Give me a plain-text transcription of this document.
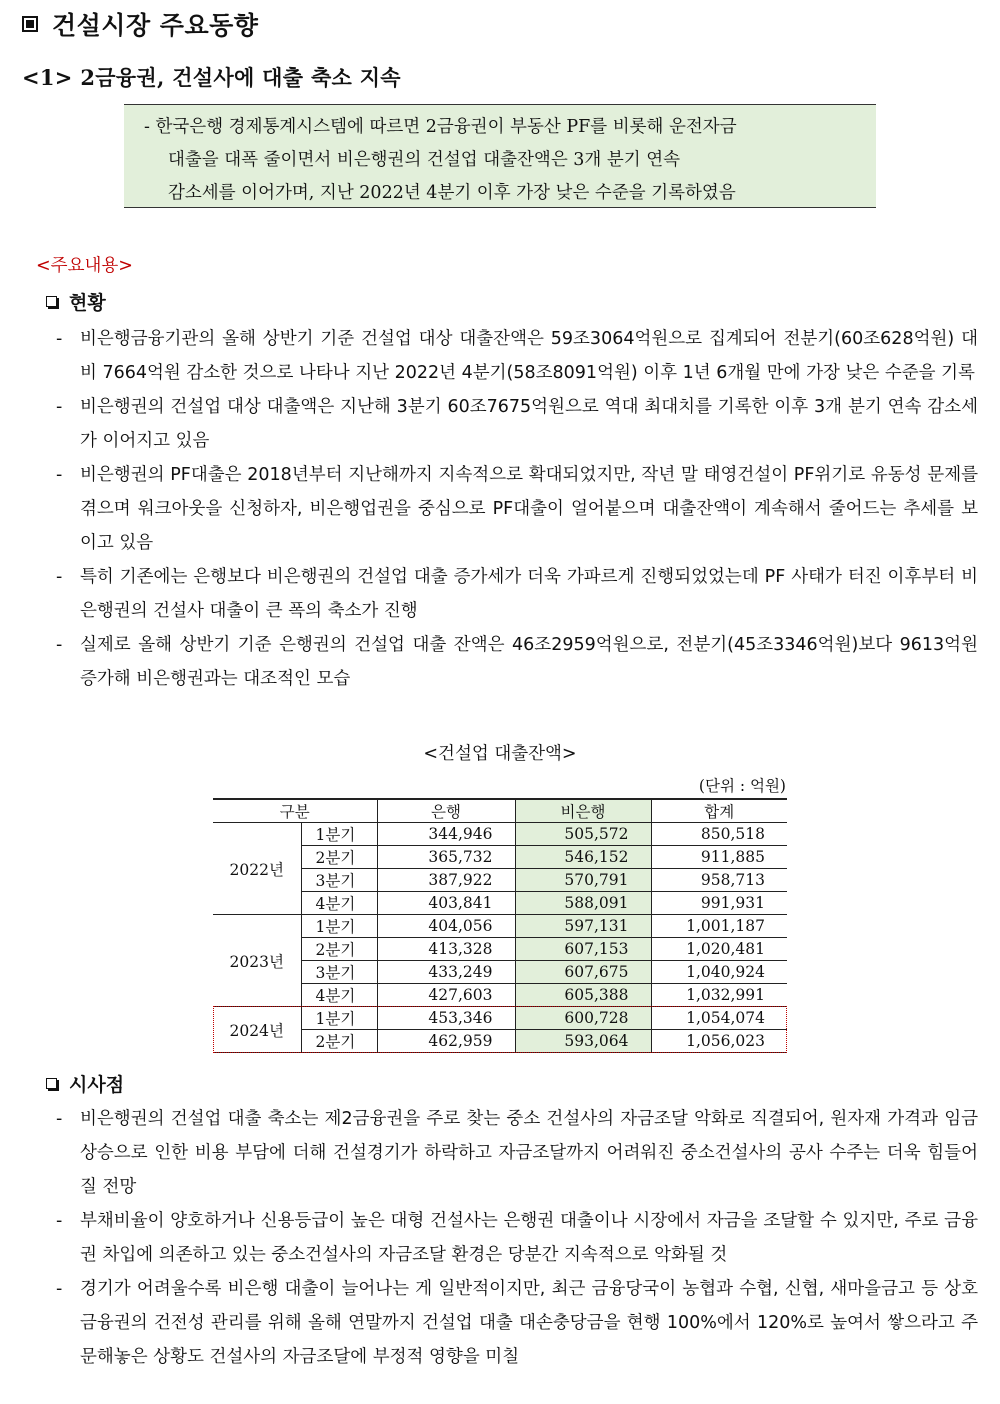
건설시장 주요동향
<1> 2금융권, 건설사에 대출 축소 지속
- 한국은행 경제통계시스템에 따르면 2금융권이 부동산 PF를 비롯해 운전자금
대출을 대폭 줄이면서 비은행권의 건설업 대출잔액은 3개 분기 연속
감소세를 이어가며, 지난 2022년 4분기 이후 가장 낮은 수준을 기록하였음
<주요내용>
현황
-	비은행금융기관의 올해 상반기 기준 건설업 대상 대출잔액은 59조3064억원으로 집계되어 전분기(60조628억원) 대비 7664억원 감소한 것으로 나타나 지난 2022년 4분기(58조8091억원) 이후 1년 6개월 만에 가장 낮은 수준을 기록
-	비은행권의 건설업 대상 대출액은 지난해 3분기 60조7675억원으로 역대 최대치를 기록한 이후 3개 분기 연속 감소세가 이어지고 있음
-	비은행권의 PF대출은 2018년부터 지난해까지 지속적으로 확대되었지만, 작년 말 태영건설이 PF위기로 유동성 문제를 겪으며 워크아웃을 신청하자, 비은행업권을 중심으로 PF대출이 얼어붙으며 대출잔액이 계속해서 줄어드는 추세를 보이고 있음
-	특히 기존에는 은행보다 비은행권의 건설업 대출 증가세가 더욱 가파르게 진행되었었는데 PF 사태가 터진 이후부터 비은행권의 건설사 대출이 큰 폭의 축소가 진행
-	실제로 올해 상반기 기준 은행권의 건설업 대출 잔액은 46조2959억원으로, 전분기(45조3346억원)보다 9613억원 증가해 비은행권과는 대조적인 모습
<건설업 대출잔액>
(단위 : 억원)
구분		은행	비은행	합계
2022년	1분기	344,946	505,572	850,518
	2분기	365,732	546,152	911,885
	3분기	387,922	570,791	958,713
	4분기	403,841	588,091	991,931
2023년	1분기	404,056	597,131	1,001,187
	2분기	413,328	607,153	1,020,481
	3분기	433,249	607,675	1,040,924
	4분기	427,603	605,388	1,032,991
2024년	1분기	453,346	600,728	1,054,074
	2분기	462,959	593,064	1,056,023
시사점
-	비은행권의 건설업 대출 축소는 제2금융권을 주로 찾는 중소 건설사의 자금조달 악화로 직결되어, 원자재 가격과 임금 상승으로 인한 비용 부담에 더해 건설경기가 하락하고 자금조달까지 어려워진 중소건설사의 공사 수주는 더욱 힘들어질 전망
-	부채비율이 양호하거나 신용등급이 높은 대형 건설사는 은행권 대출이나 시장에서 자금을 조달할 수 있지만, 주로 금융권 차입에 의존하고 있는 중소건설사의 자금조달 환경은 당분간 지속적으로 악화될 것
-	경기가 어려울수록 비은행 대출이 늘어나는 게 일반적이지만, 최근 금융당국이 농협과 수협, 신협, 새마을금고 등 상호금융권의 건전성 관리를 위해 올해 연말까지 건설업 대출 대손충당금을 현행 100%에서 120%로 높여서 쌓으라고 주문해놓은 상황도 건설사의 자금조달에 부정적 영향을 미칠
